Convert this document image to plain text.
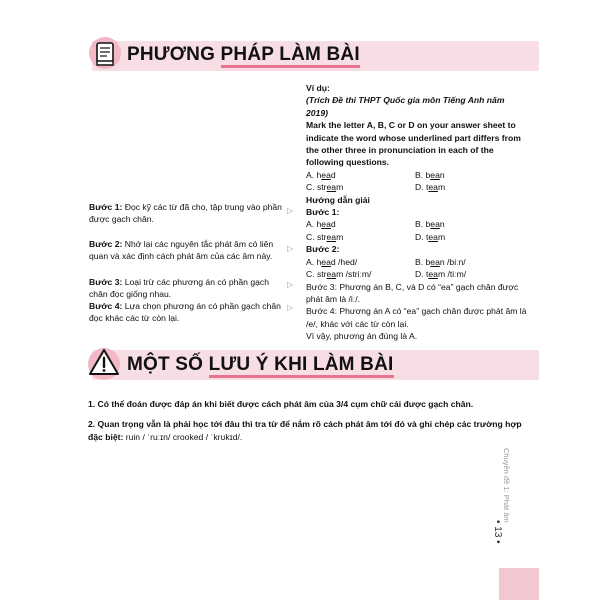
PHƯƠNG PHÁP LÀM BÀI
Bước 1: Đọc kỹ các từ đã cho, tập trung vào phần được gạch chân.
Bước 2: Nhớ lại các nguyên tắc phát âm có liên quan và xác định cách phát âm của các âm này.
Bước 3: Loại trừ các phương án có phần gạch chân đọc giống nhau.
Bước 4: Lựa chọn phương án có phần gạch chân đọc khác các từ còn lại.
▷
▷
▷
▷
Ví dụ:
(Trích Đề thi THPT Quốc gia môn Tiếng Anh năm 2019)
Mark the letter A, B, C or D on your answer sheet to indicate the word whose underlined part differs from the other three in pronunciation in each of the following questions.
A. head	B. bean
C. stream	D. team
Hướng dẫn giải
Bước 1:
A. head	B. bean
C. stream	D. team
Bước 2:
A. head /hed/	B. bean /biːn/
C. stream /striːm/	D. team /tiːm/
Bước 3: Phương án B, C, và D có “ea” gạch chân được phát âm là /iː/.
Bước 4: Phương án A có “ea” gạch chân được phát âm là /e/, khác với các từ còn lại.
Vì vậy, phương án đúng là A.
MỘT SỐ LƯU Ý KHI LÀM BÀI
1. Có thể đoán được đáp án khi biết được cách phát âm của 3/4 cụm chữ cái được gạch chân.
2. Quan trọng vẫn là phải học tới đâu thì tra từ để nắm rõ cách phát âm tới đó và ghi chép các trường hợp đặc biệt: ruin / ˈruːɪn/ crooked / ˈkrʊkɪd/.
Chuyên đề 1: Phát âm
• 13 •
